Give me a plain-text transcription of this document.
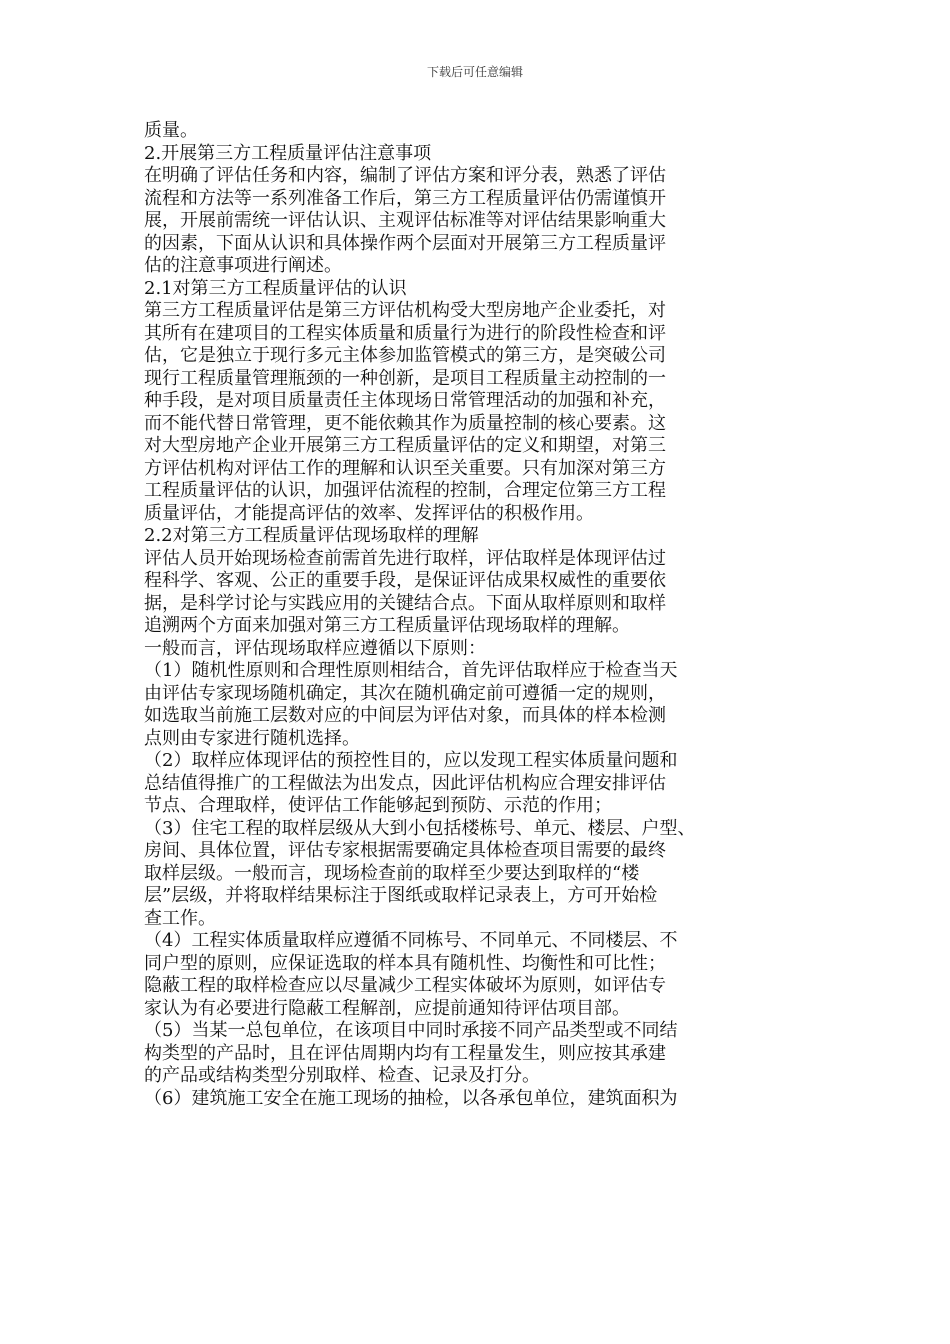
下载后可任意编辑
质量。
2.开展第三方工程质量评估注意事项
在明确了评估任务和内容，编制了评估方案和评分表，熟悉了评估
流程和方法等一系列准备工作后，第三方工程质量评估仍需谨慎开
展，开展前需统一评估认识、主观评估标准等对评估结果影响重大
的因素，下面从认识和具体操作两个层面对开展第三方工程质量评
估的注意事项进行阐述。
2.1对第三方工程质量评估的认识
第三方工程质量评估是第三方评估机构受大型房地产企业委托，对
其所有在建项目的工程实体质量和质量行为进行的阶段性检查和评
估，它是独立于现行多元主体参加监管模式的第三方，是突破公司
现行工程质量管理瓶颈的一种创新，是项目工程质量主动控制的一
种手段，是对项目质量责任主体现场日常管理活动的加强和补充，
而不能代替日常管理，更不能依赖其作为质量控制的核心要素。这
对大型房地产企业开展第三方工程质量评估的定义和期望，对第三
方评估机构对评估工作的理解和认识至关重要。只有加深对第三方
工程质量评估的认识，加强评估流程的控制，合理定位第三方工程
质量评估，才能提高评估的效率、发挥评估的积极作用。
2.2对第三方工程质量评估现场取样的理解
评估人员开始现场检查前需首先进行取样，评估取样是体现评估过
程科学、客观、公正的重要手段，是保证评估成果权威性的重要依
据，是科学讨论与实践应用的关键结合点。下面从取样原则和取样
追溯两个方面来加强对第三方工程质量评估现场取样的理解。
一般而言，评估现场取样应遵循以下原则：
（1）随机性原则和合理性原则相结合，首先评估取样应于检查当天
由评估专家现场随机确定，其次在随机确定前可遵循一定的规则，
如选取当前施工层数对应的中间层为评估对象，而具体的样本检测
点则由专家进行随机选择。
（2）取样应体现评估的预控性目的，应以发现工程实体质量问题和
总结值得推广的工程做法为出发点，因此评估机构应合理安排评估
节点、合理取样，使评估工作能够起到预防、示范的作用；
（3）住宅工程的取样层级从大到小包括楼栋号、单元、楼层、户型、
房间、具体位置，评估专家根据需要确定具体检查项目需要的最终
取样层级。一般而言，现场检查前的取样至少要达到取样的“楼
层”层级，并将取样结果标注于图纸或取样记录表上，方可开始检
查工作。
（4）工程实体质量取样应遵循不同栋号、不同单元、不同楼层、不
同户型的原则，应保证选取的样本具有随机性、均衡性和可比性；
隐蔽工程的取样检查应以尽量减少工程实体破坏为原则，如评估专
家认为有必要进行隐蔽工程解剖，应提前通知待评估项目部。
（5）当某一总包单位，在该项目中同时承接不同产品类型或不同结
构类型的产品时，且在评估周期内均有工程量发生，则应按其承建
的产品或结构类型分别取样、检查、记录及打分。
（6）建筑施工安全在施工现场的抽检，以各承包单位，建筑面积为
